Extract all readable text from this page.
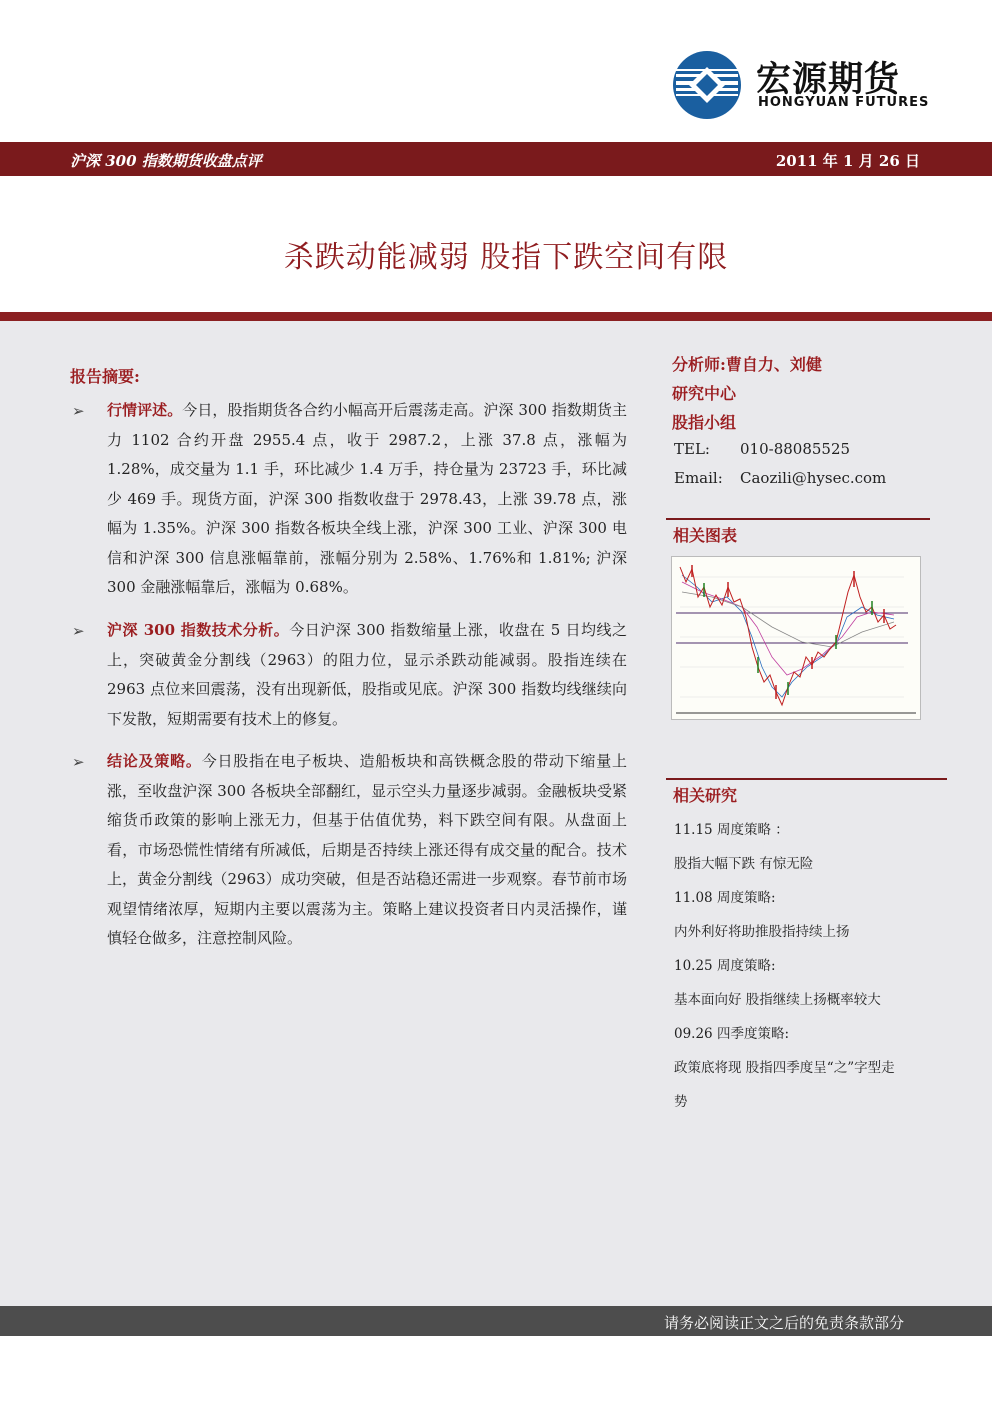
宏源期货
HONGYUAN FUTURES
沪深 300 指数期货收盘点评	2011 年 1 月 26 日
杀跌动能减弱 股指下跌空间有限
报告摘要:
➢ 行情评述。今日，股指期货各合约小幅高开后震荡走高。沪深 300 指数期货主力 1102 合约开盘 2955.4 点，收于 2987.2，上涨 37.8 点，涨幅为 1.28%，成交量为 1.1 手，环比减少 1.4 万手，持仓量为 23723 手，环比减少 469 手。现货方面，沪深 300 指数收盘于 2978.43，上涨 39.78 点，涨幅为 1.35%。沪深 300 指数各板块全线上涨，沪深 300 工业、沪深 300 电信和沪深 300 信息涨幅靠前，涨幅分别为 2.58%、1.76%和 1.81%; 沪深 300 金融涨幅靠后，涨幅为 0.68%。
➢ 沪深 300 指数技术分析。今日沪深 300 指数缩量上涨，收盘在 5 日均线之上，突破黄金分割线（2963）的阻力位，显示杀跌动能减弱。股指连续在 2963 点位来回震荡，没有出现新低，股指或见底。沪深 300 指数均线继续向下发散，短期需要有技术上的修复。
➢ 结论及策略。今日股指在电子板块、造船板块和高铁概念股的带动下缩量上涨，至收盘沪深 300 各板块全部翻红，显示空头力量逐步减弱。金融板块受紧缩货币政策的影响上涨无力，但基于估值优势，料下跌空间有限。从盘面上看，市场恐慌性情绪有所减低，后期是否持续上涨还得有成交量的配合。技术上，黄金分割线（2963）成功突破，但是否站稳还需进一步观察。春节前市场观望情绪浓厚，短期内主要以震荡为主。策略上建议投资者日内灵活操作，谨慎轻仓做多，注意控制风险。
分析师:曹自力、刘健
研究中心
股指小组
TEL: 010-88085525
Email: Caozili@hysec.com
相关图表
相关研究
11.15 周度策略 ：
股指大幅下跌 有惊无险
11.08 周度策略:
内外利好将助推股指持续上扬
10.25 周度策略:
基本面向好 股指继续上扬概率较大
09.26 四季度策略:
政策底将现 股指四季度呈“之”字型走
势
请务必阅读正文之后的免责条款部分
